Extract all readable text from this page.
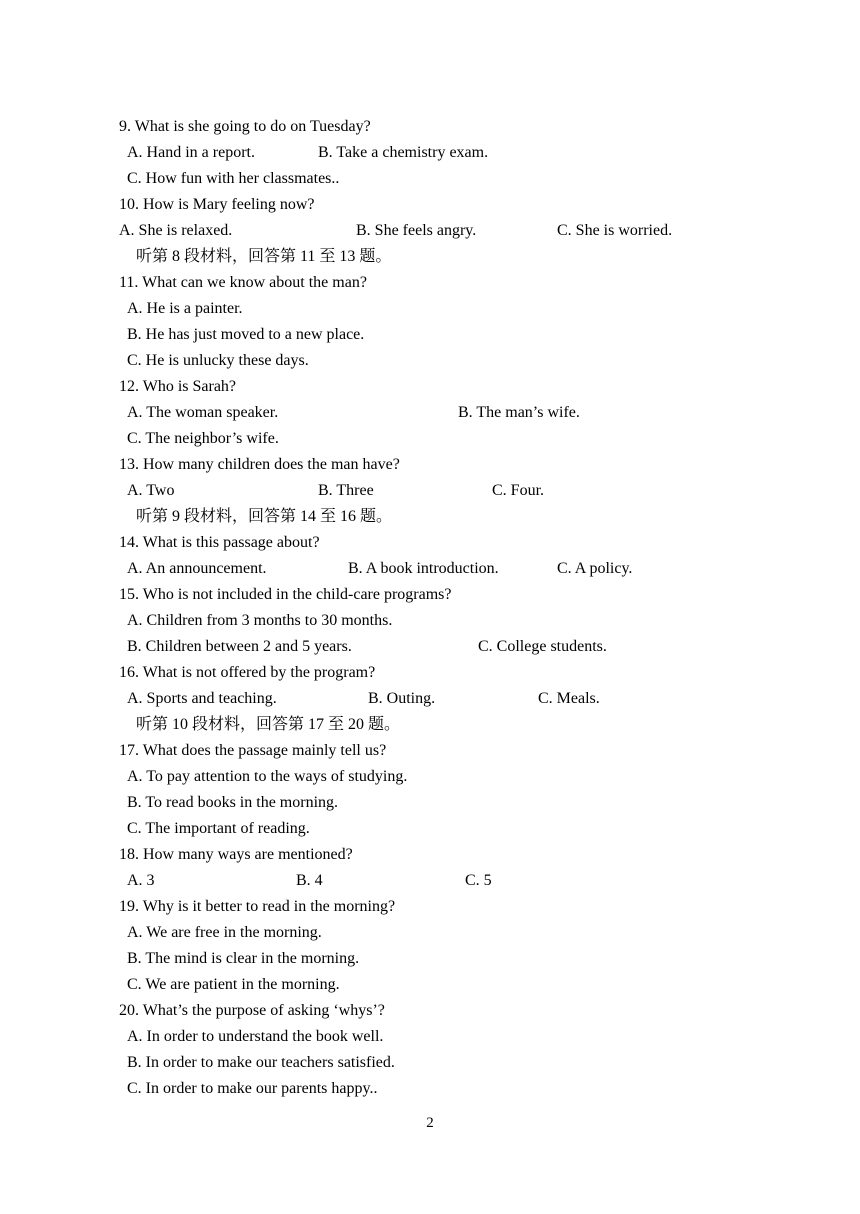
9. What is she going to do on Tuesday?
A. Hand in a report.	B. Take a chemistry exam.
C. How fun with her classmates..
10. How is Mary feeling now?
A. She is relaxed.	B. She feels angry.	C. She is worried.
听第 8 段材料，回答第 11 至 13 题。
11. What can we know about the man?
A. He is a painter.
B. He has just moved to a new place.
C. He is unlucky these days.
12. Who is Sarah?
A. The woman speaker.	B. The man’s wife.
C. The neighbor’s wife.
13. How many children does the man have?
A. Two	B. Three	C. Four.
听第 9 段材料，回答第 14 至 16 题。
14. What is this passage about?
A. An announcement.	B. A book introduction.	C. A policy.
15. Who is not included in the child-care programs?
A. Children from 3 months to 30 months.
B. Children between 2 and 5 years.	C. College students.
16. What is not offered by the program?
A. Sports and teaching.	B. Outing.	C. Meals.
听第 10 段材料，回答第 17 至 20 题。
17. What does the passage mainly tell us?
A. To pay attention to the ways of studying.
B. To read books in the morning.
C. The important of reading.
18. How many ways are mentioned?
A. 3	B. 4	C. 5
19. Why is it better to read in the morning?
A. We are free in the morning.
B. The mind is clear in the morning.
C. We are patient in the morning.
20. What’s the purpose of asking ‘whys’?
A. In order to understand the book well.
B. In order to make our teachers satisfied.
C. In order to make our parents happy..
2
